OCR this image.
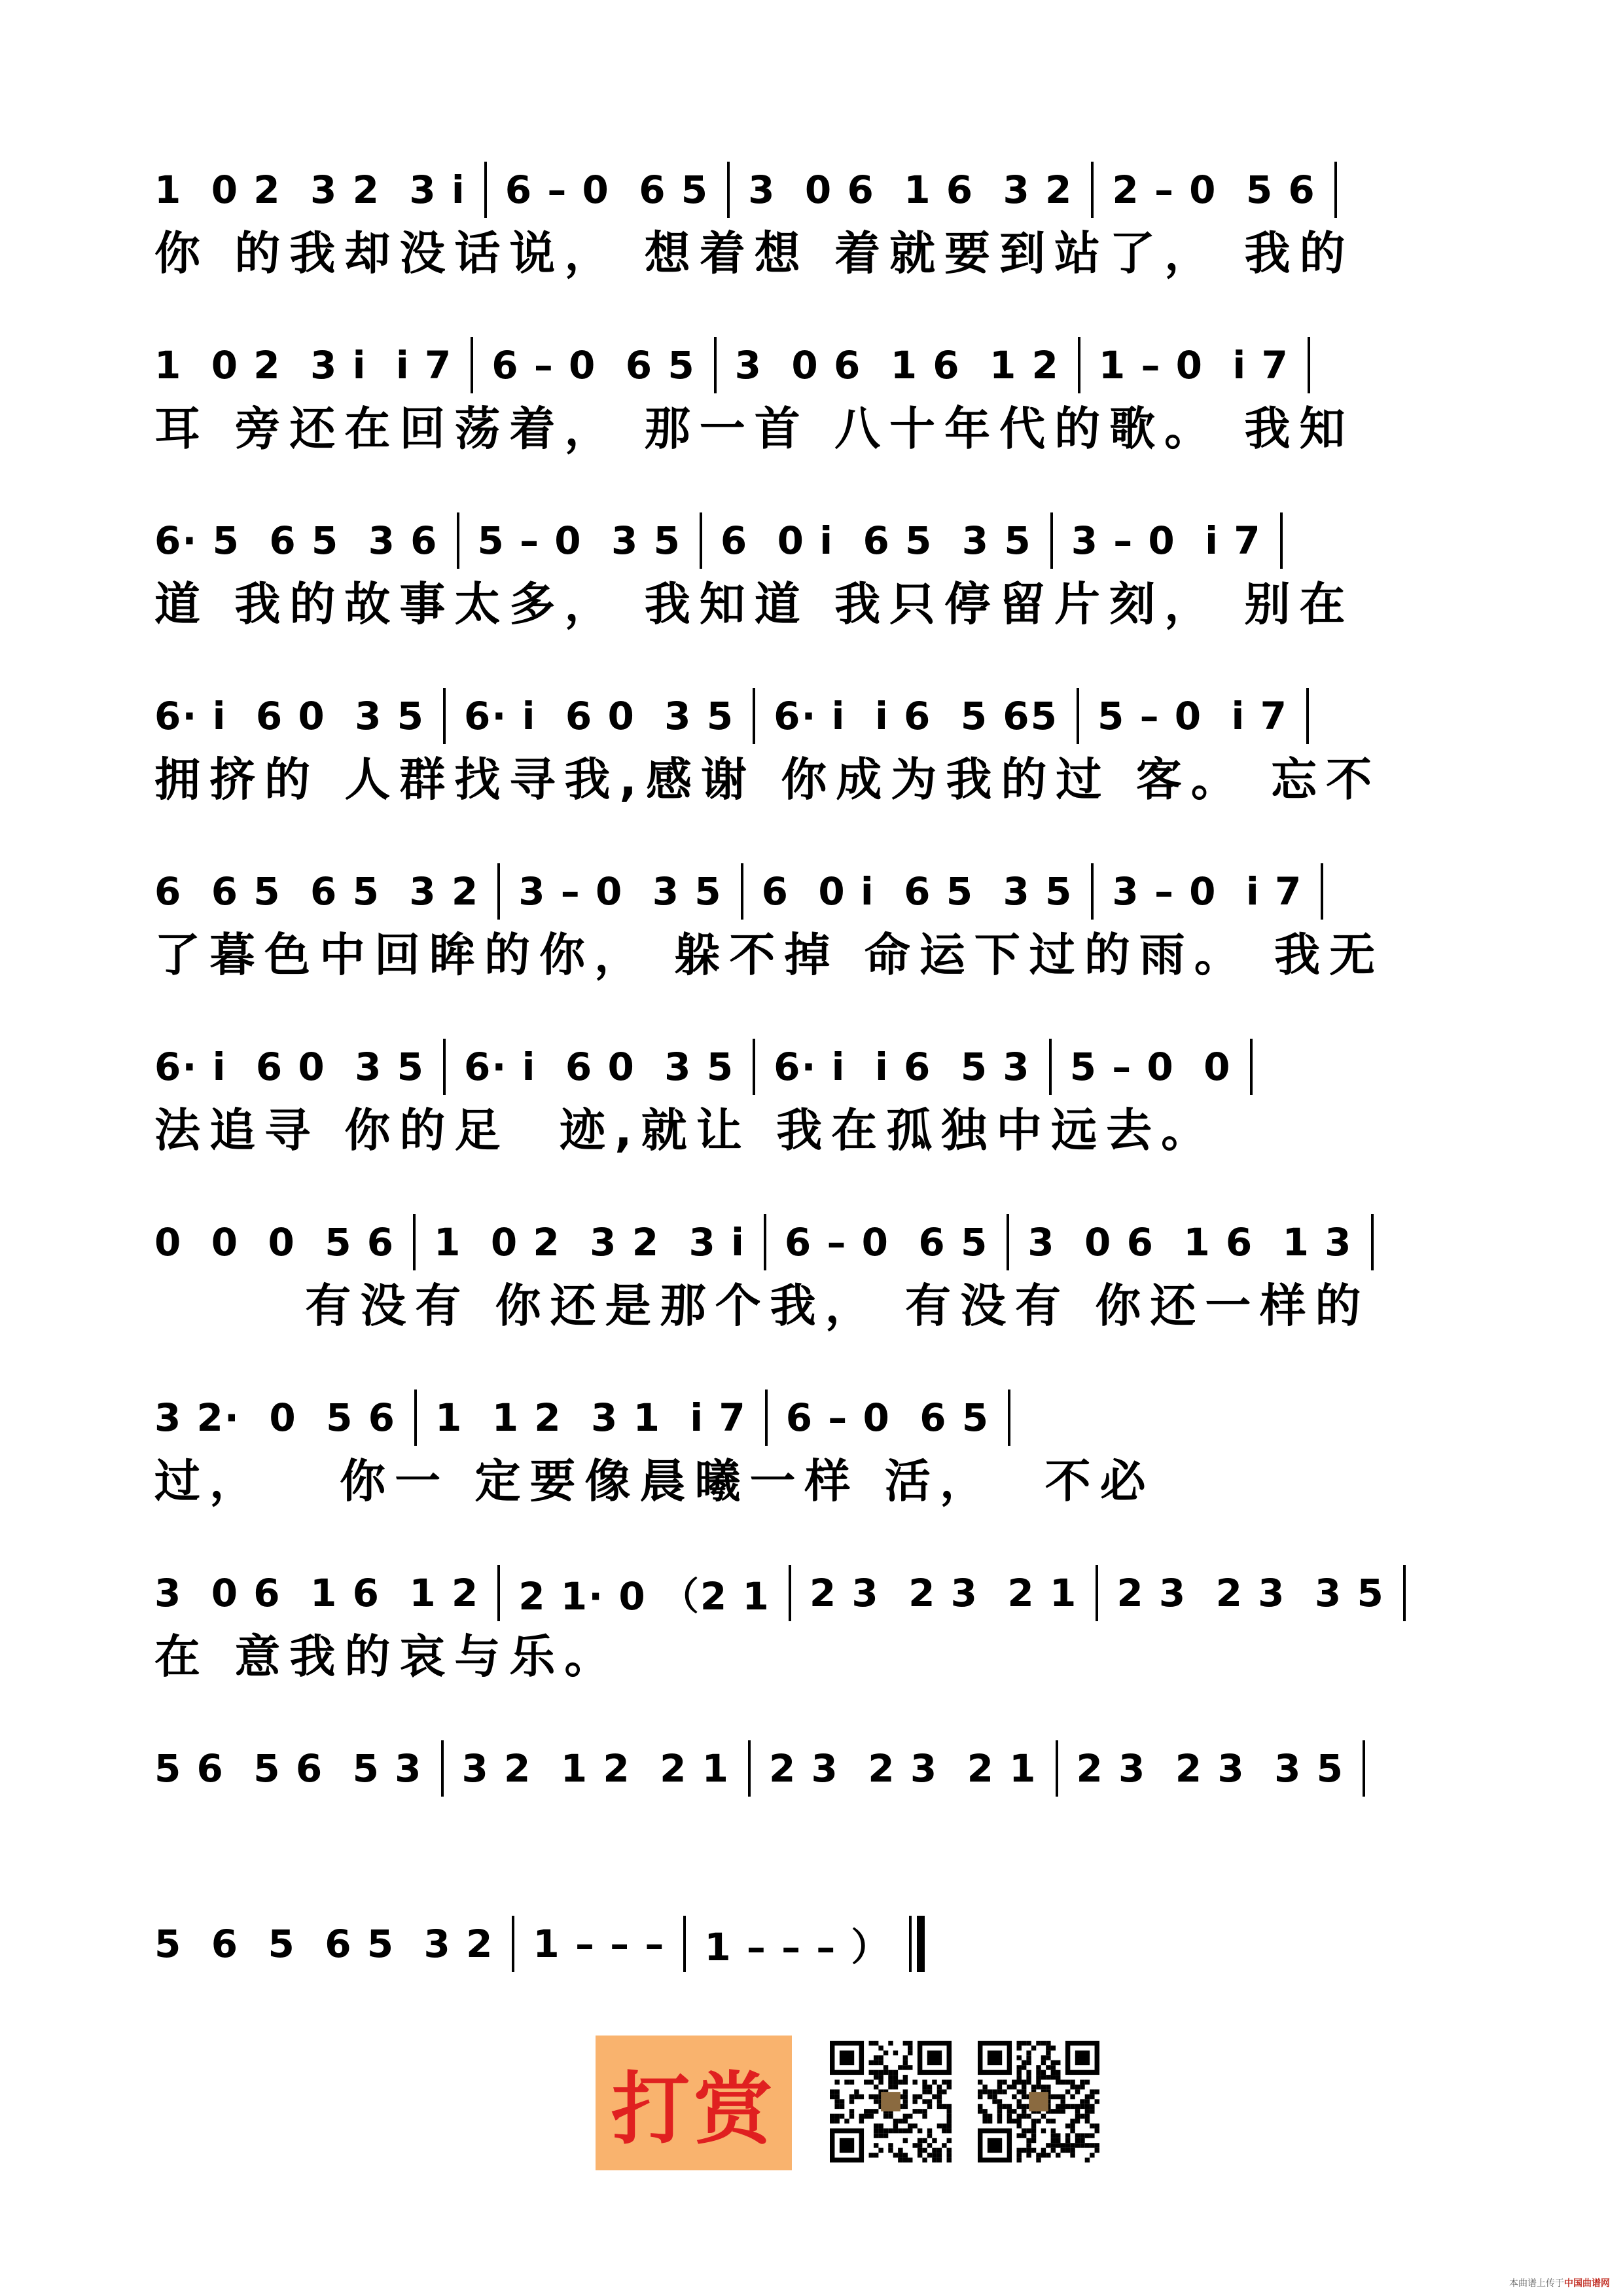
1  0 2  3 2  3 i 6 – 0  6 5 3  0 6  1 6  3 2 2 – 0  5 6
你 的我却没话说， 想着想 着就要到站了， 我的
1  0 2  3 i  i 7 6 – 0  6 5 3  0 6  1 6  1 2 1 – 0  i 7
耳 旁还在回荡着， 那一首 八十年代的歌。 我知
6· 5  6 5  3 6 5 – 0  3 5 6  0 i  6 5  3 5 3 – 0  i 7
道 我的故事太多， 我知道 我只停留片刻， 别在
6· i  6 0  3 5 6· i  6 0  3 5 6· i  i 6  5 65 5 – 0  i 7
拥挤的 人群找寻我,感谢 你成为我的过 客。 忘不
6  6 5  6 5  3 2 3 – 0  3 5 6  0 i  6 5  3 5 3 – 0  i 7
了暮色中回眸的你， 躲不掉 命运下过的雨。 我无
6· i  6 0  3 5 6· i  6 0  3 5 6· i  i 6  5 3 5 – 0  0
法追寻 你的足  迹,就让 我在孤独中远去。
0  0  0  5 6 1  0 2  3 2  3 i 6 – 0  6 5 3  0 6  1 6  1 3
有没有 你还是那个我， 有没有 你还一样的
3 2·  0  5 6 1  1 2  3 1  i 7 6 – 0  6 5
过，   你一 定要像晨曦一样 活，  不必
3  0 6  1 6  1 2 2 1· 0 （2 1 2 3  2 3  2 1 2 3  2 3  3 5
在 意我的哀与乐。
5 6  5 6  5 3 3 2  1 2  2 1 2 3  2 3  2 1 2 3  2 3  3 5
5  6  5  6 5  3 2 1 – – – 1 – – – ）
打赏
本曲谱上传于中国曲谱网
